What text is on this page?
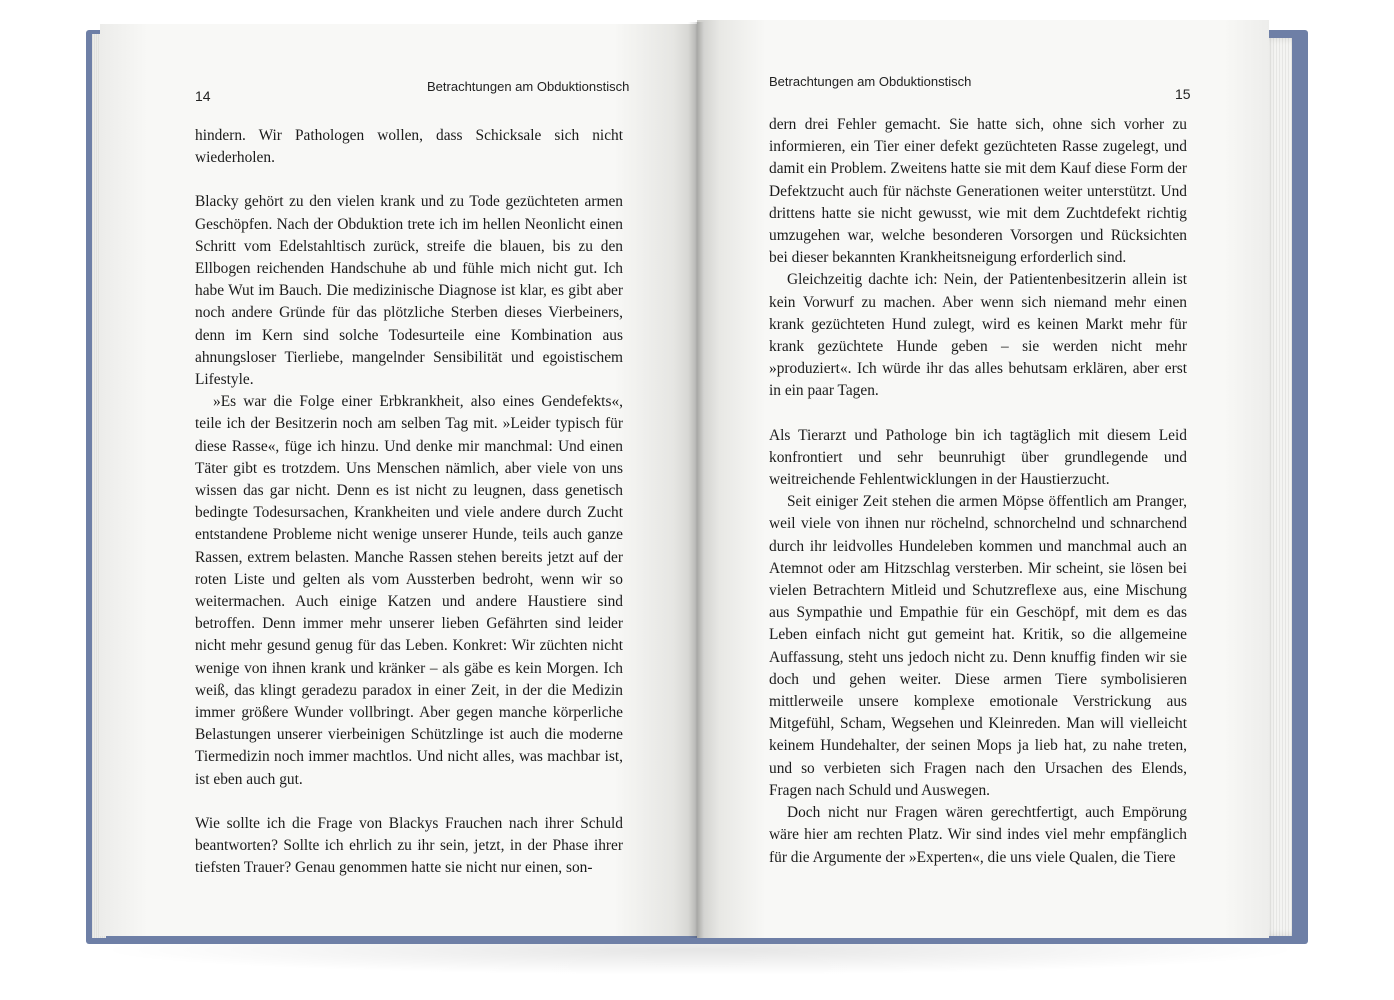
14
Betrachtungen am Obduktionstisch

hindern. Wir Pathologen wollen, dass Schicksale sich nicht wiederholen.

Blacky gehört zu den vielen krank und zu Tode gezüchteten armen Geschöpfen. Nach der Obduktion trete ich im hellen Neonlicht einen Schritt vom Edelstahltisch zurück, streife die blauen, bis zu den Ellbogen reichenden Handschuhe ab und fühle mich nicht gut. Ich habe Wut im Bauch. Die medizinische Diagnose ist klar, es gibt aber noch andere Gründe für das plötzliche Sterben dieses Vierbeiners, denn im Kern sind solche Todesurteile eine Kombination aus ahnungsloser Tierliebe, mangelnder Sensibilität und egoistischem Lifestyle.

»Es war die Folge einer Erbkrankheit, also eines Gendefekts«, teile ich der Besitzerin noch am selben Tag mit. »Leider typisch für diese Rasse«, füge ich hinzu. Und denke mir manchmal: Und einen Täter gibt es trotzdem. Uns Menschen nämlich, aber viele von uns wissen das gar nicht. Denn es ist nicht zu leugnen, dass genetisch bedingte Todesursachen, Krankheiten und viele andere durch Zucht entstandene Probleme nicht wenige unserer Hunde, teils auch ganze Rassen, extrem belasten. Manche Rassen stehen bereits jetzt auf der roten Liste und gelten als vom Aussterben bedroht, wenn wir so weitermachen. Auch einige Katzen und andere Haustiere sind betroffen. Denn immer mehr unserer lieben Gefährten sind leider nicht mehr gesund genug für das Leben. Konkret: Wir züchten nicht wenige von ihnen krank und kränker – als gäbe es kein Morgen. Ich weiß, das klingt geradezu paradox in einer Zeit, in der die Medizin immer größere Wunder vollbringt. Aber gegen manche körperliche Belastungen unserer vierbeinigen Schützlinge ist auch die moderne Tiermedizin noch immer machtlos. Und nicht alles, was machbar ist, ist eben auch gut.

Wie sollte ich die Frage von Blackys Frauchen nach ihrer Schuld beantworten? Sollte ich ehrlich zu ihr sein, jetzt, in der Phase ihrer tiefsten Trauer? Genau genommen hatte sie nicht nur einen, son-

Betrachtungen am Obduktionstisch
15

dern drei Fehler gemacht. Sie hatte sich, ohne sich vorher zu informieren, ein Tier einer defekt gezüchteten Rasse zugelegt, und damit ein Problem. Zweitens hatte sie mit dem Kauf diese Form der Defektzucht auch für nächste Generationen weiter unterstützt. Und drittens hatte sie nicht gewusst, wie mit dem Zuchtdefekt richtig umzugehen war, welche besonderen Vorsorgen und Rücksichten bei dieser bekannten Krankheitsneigung erforderlich sind.

Gleichzeitig dachte ich: Nein, der Patientenbesitzerin allein ist kein Vorwurf zu machen. Aber wenn sich niemand mehr einen krank gezüchteten Hund zulegt, wird es keinen Markt mehr für krank gezüchtete Hunde geben – sie werden nicht mehr »produziert«. Ich würde ihr das alles behutsam erklären, aber erst in ein paar Tagen.

Als Tierarzt und Pathologe bin ich tagtäglich mit diesem Leid konfrontiert und sehr beunruhigt über grundlegende und weitreichende Fehlentwicklungen in der Haustierzucht.

Seit einiger Zeit stehen die armen Möpse öffentlich am Pranger, weil viele von ihnen nur röchelnd, schnorchelnd und schnarchend durch ihr leidvolles Hundeleben kommen und manchmal auch an Atemnot oder am Hitzschlag versterben. Mir scheint, sie lösen bei vielen Betrachtern Mitleid und Schutzreflexe aus, eine Mischung aus Sympathie und Empathie für ein Geschöpf, mit dem es das Leben einfach nicht gut gemeint hat. Kritik, so die allgemeine Auffassung, steht uns jedoch nicht zu. Denn knuffig finden wir sie doch und gehen weiter. Diese armen Tiere symbolisieren mittlerweile unsere komplexe emotionale Verstrickung aus Mitgefühl, Scham, Wegsehen und Kleinreden. Man will vielleicht keinem Hundehalter, der seinen Mops ja lieb hat, zu nahe treten, und so verbieten sich Fragen nach den Ursachen des Elends, Fragen nach Schuld und Auswegen.

Doch nicht nur Fragen wären gerechtfertigt, auch Empörung wäre hier am rechten Platz. Wir sind indes viel mehr empfänglich für die Argumente der »Experten«, die uns viele Qualen, die Tiere
